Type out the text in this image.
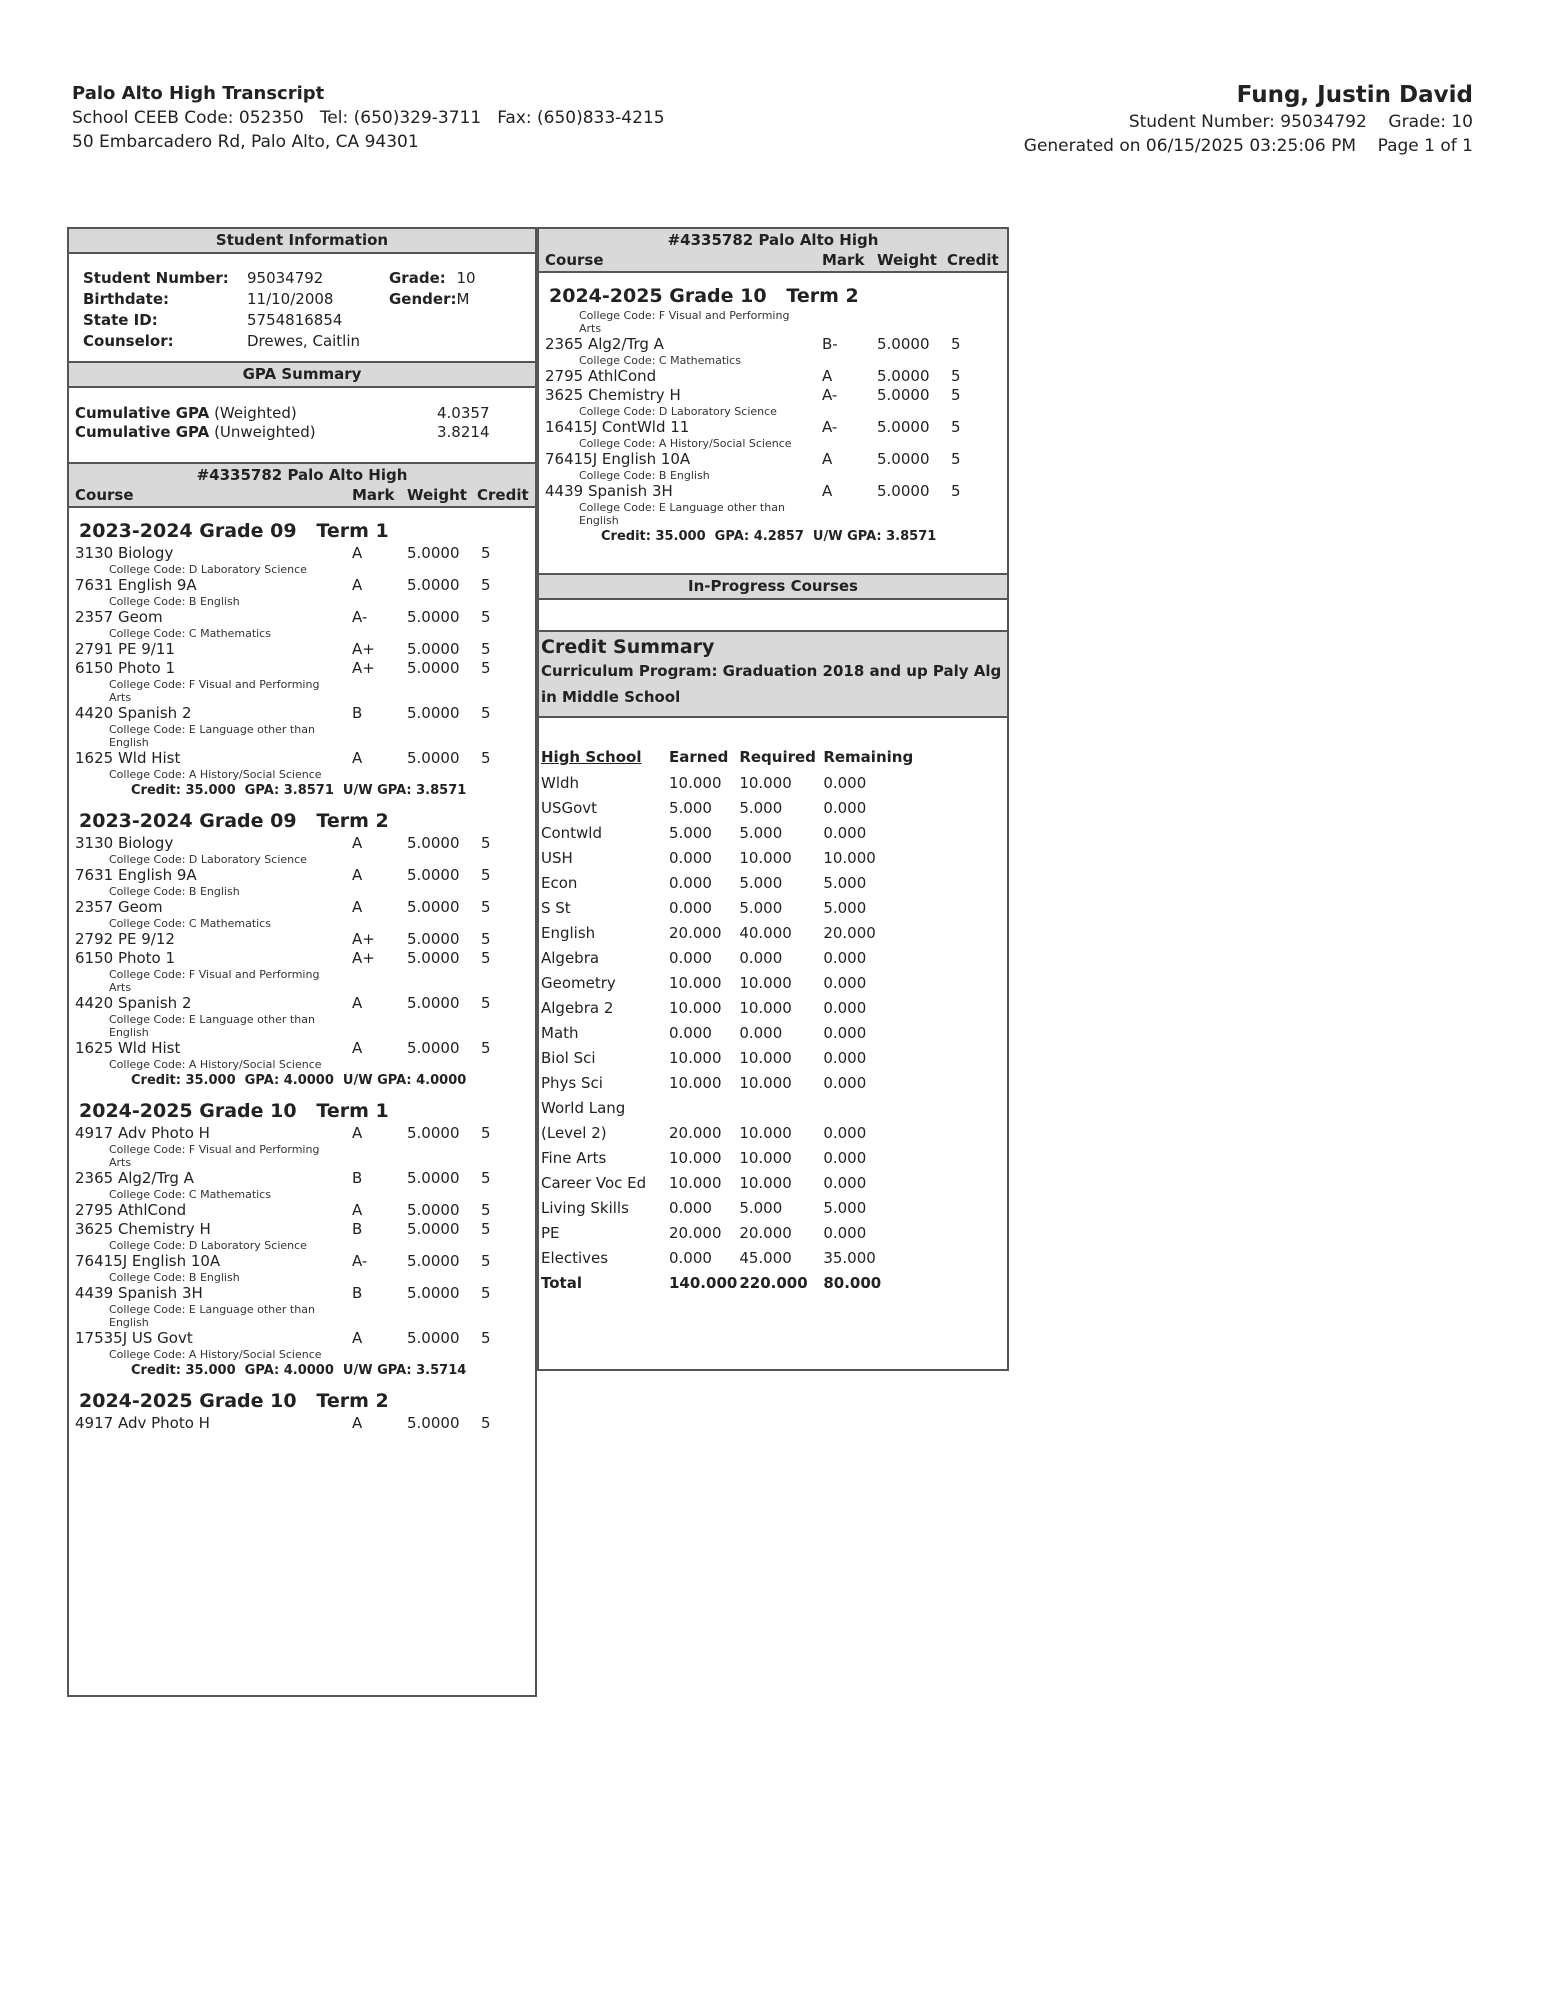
Palo Alto High Transcript
School CEEB Code: 052350 Tel: (650)329-3711 Fax: (650)833-4215
50 Embarcadero Rd, Palo Alto, CA 94301
Fung, Justin David
Student Number: 95034792    Grade: 10
Generated on 06/15/2025 03:25:06 PM    Page 1 of 1
Student Information
Student Number:	95034792	Grade:	10
Birthdate:	11/10/2008	Gender:	M
State ID:	5754816854		
Counselor:	Drewes, Caitlin		
GPA Summary
Cumulative GPA (Weighted)	4.0357
Cumulative GPA (Unweighted)	3.8214
#4335782 Palo Alto High
Course	Mark Weight Credit
2023-2024 Grade 09   Term 1
3130 Biology	A	5.0000 5
College Code: D Laboratory Science
7631 English 9A	A	5.0000 5
College Code: B English
2357 Geom	A-	5.0000 5
College Code: C Mathematics
2791 PE 9/11	A+ 5.0000 5
6150 Photo 1	A+ 5.0000 5
College Code: F Visual and Performing Arts
4420 Spanish 2	B	5.0000 5
College Code: E Language other than English
1625 Wld Hist	A	5.0000 5
College Code: A History/Social Science
Credit: 35.000  GPA: 3.8571  U/W GPA: 3.8571
2023-2024 Grade 09   Term 2
3130 Biology	A	5.0000 5
College Code: D Laboratory Science
7631 English 9A	A	5.0000 5
College Code: B English
2357 Geom	A	5.0000 5
College Code: C Mathematics
2792 PE 9/12	A+ 5.0000 5
6150 Photo 1	A+ 5.0000 5
College Code: F Visual and Performing Arts
4420 Spanish 2	A	5.0000 5
College Code: E Language other than English
1625 Wld Hist	A	5.0000 5
College Code: A History/Social Science
Credit: 35.000  GPA: 4.0000  U/W GPA: 4.0000
2024-2025 Grade 10   Term 1
4917 Adv Photo H	A	5.0000 5
College Code: F Visual and Performing Arts
2365 Alg2/Trg A	B	5.0000 5
College Code: C Mathematics
2795 AthlCond	A	5.0000 5
3625 Chemistry H	B	5.0000 5
College Code: D Laboratory Science
76415J English 10A	A-	5.0000 5
College Code: B English
4439 Spanish 3H	B	5.0000 5
College Code: E Language other than English
17535J US Govt	A	5.0000 5
College Code: A History/Social Science
Credit: 35.000  GPA: 4.0000  U/W GPA: 3.5714
2024-2025 Grade 10   Term 2
4917 Adv Photo H	A	5.0000 5
#4335782 Palo Alto High
Course	Mark Weight Credit
2024-2025 Grade 10   Term 2
College Code: F Visual and Performing Arts
2365 Alg2/Trg A	B-	5.0000 5
College Code: C Mathematics
2795 AthlCond	A	5.0000 5
3625 Chemistry H	A-	5.0000 5
College Code: D Laboratory Science
16415J ContWld 11	A-	5.0000 5
College Code: A History/Social Science
76415J English 10A	A	5.0000 5
College Code: B English
4439 Spanish 3H	A	5.0000 5
College Code: E Language other than English
Credit: 35.000  GPA: 4.2857  U/W GPA: 3.8571
In-Progress Courses
Credit Summary
Curriculum Program: Graduation 2018 and up Paly Alg in Middle School
High School	Earned	Required	Remaining
Wldh	10.000	10.000	0.000
USGovt	5.000	5.000	0.000
Contwld	5.000	5.000	0.000
USH	0.000	10.000	10.000
Econ	0.000	5.000	5.000
S St	0.000	5.000	5.000
English	20.000	40.000	20.000
Algebra	0.000	0.000	0.000
Geometry	10.000	10.000	0.000
Algebra 2	10.000	10.000	0.000
Math	0.000	0.000	0.000
Biol Sci	10.000	10.000	0.000
Phys Sci	10.000	10.000	0.000
World Lang			
(Level 2)	20.000	10.000	0.000
Fine Arts	10.000	10.000	0.000
Career Voc Ed	10.000	10.000	0.000
Living Skills	0.000	5.000	5.000
PE	20.000	20.000	0.000
Electives	0.000	45.000	35.000
Total	140.000	220.000	80.000
